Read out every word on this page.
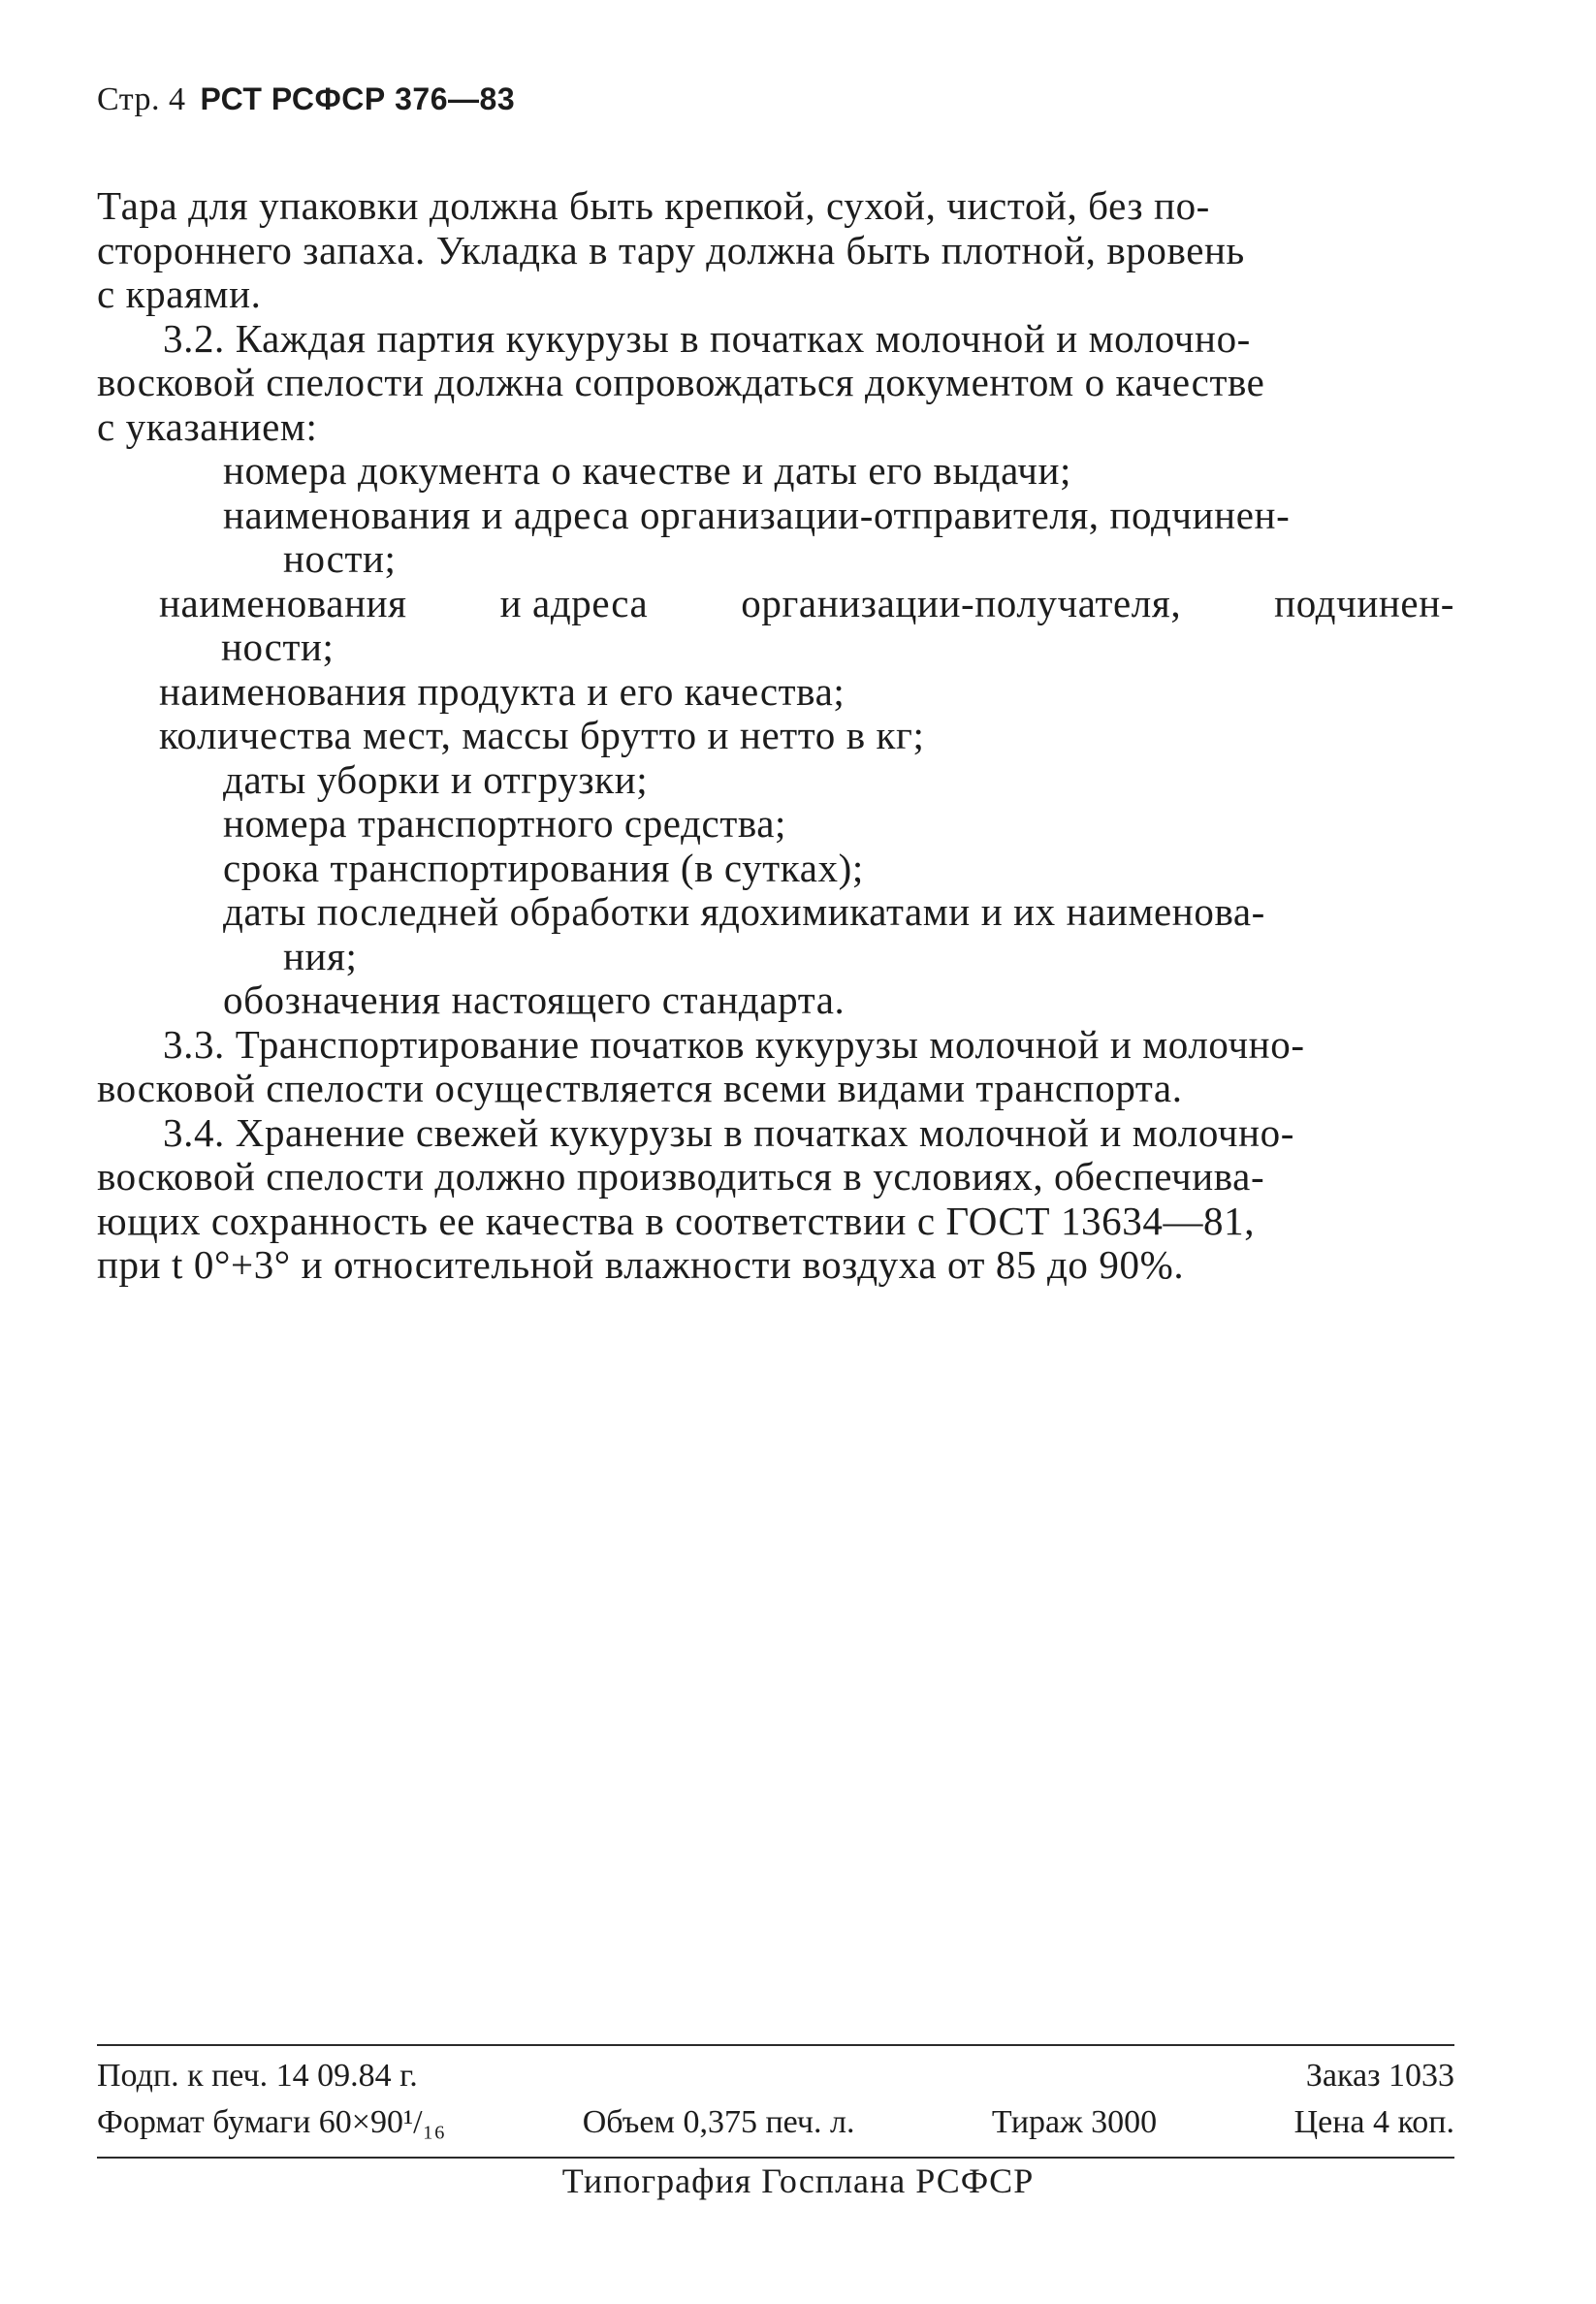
Стр. 4 РСТ РСФСР 376—83
Тара для упаковки должна быть крепкой, сухой, чистой, без по-
стороннего запаха. Укладка в тару должна быть плотной, вровень
с краями.
3.2. Каждая партия кукурузы в початках молочной и молочно-
восковой спелости должна сопровождаться документом о качестве
с указанием:
номера документа о качестве и даты его выдачи;
наименования и адреса организации-отправителя, подчинен-
ности;
наименования и адреса организации-получателя, подчинен-
ности;
наименования продукта и его качества;
количества мест, массы брутто и нетто в кг;
даты уборки и отгрузки;
номера транспортного средства;
срока транспортирования (в сутках);
даты последней обработки ядохимикатами и их наименова-
ния;
обозначения настоящего стандарта.
3.3. Транспортирование початков кукурузы молочной и молочно-
восковой спелости осуществляется всеми видами транспорта.
3.4. Хранение свежей кукурузы в початках молочной и молочно-
восковой спелости должно производиться в условиях, обеспечива-
ющих сохранность ее качества в соответствии с ГОСТ 13634—81,
при t 0°+3° и относительной влажности воздуха от 85 до 90%.
Подп. к печ. 14 09.84 г.	Заказ 1033
Формат бумаги 60×90¹/₁₆	Объем 0,375 печ. л.	Тираж 3000	Цена 4 коп.
Типография Госплана РСФСР
